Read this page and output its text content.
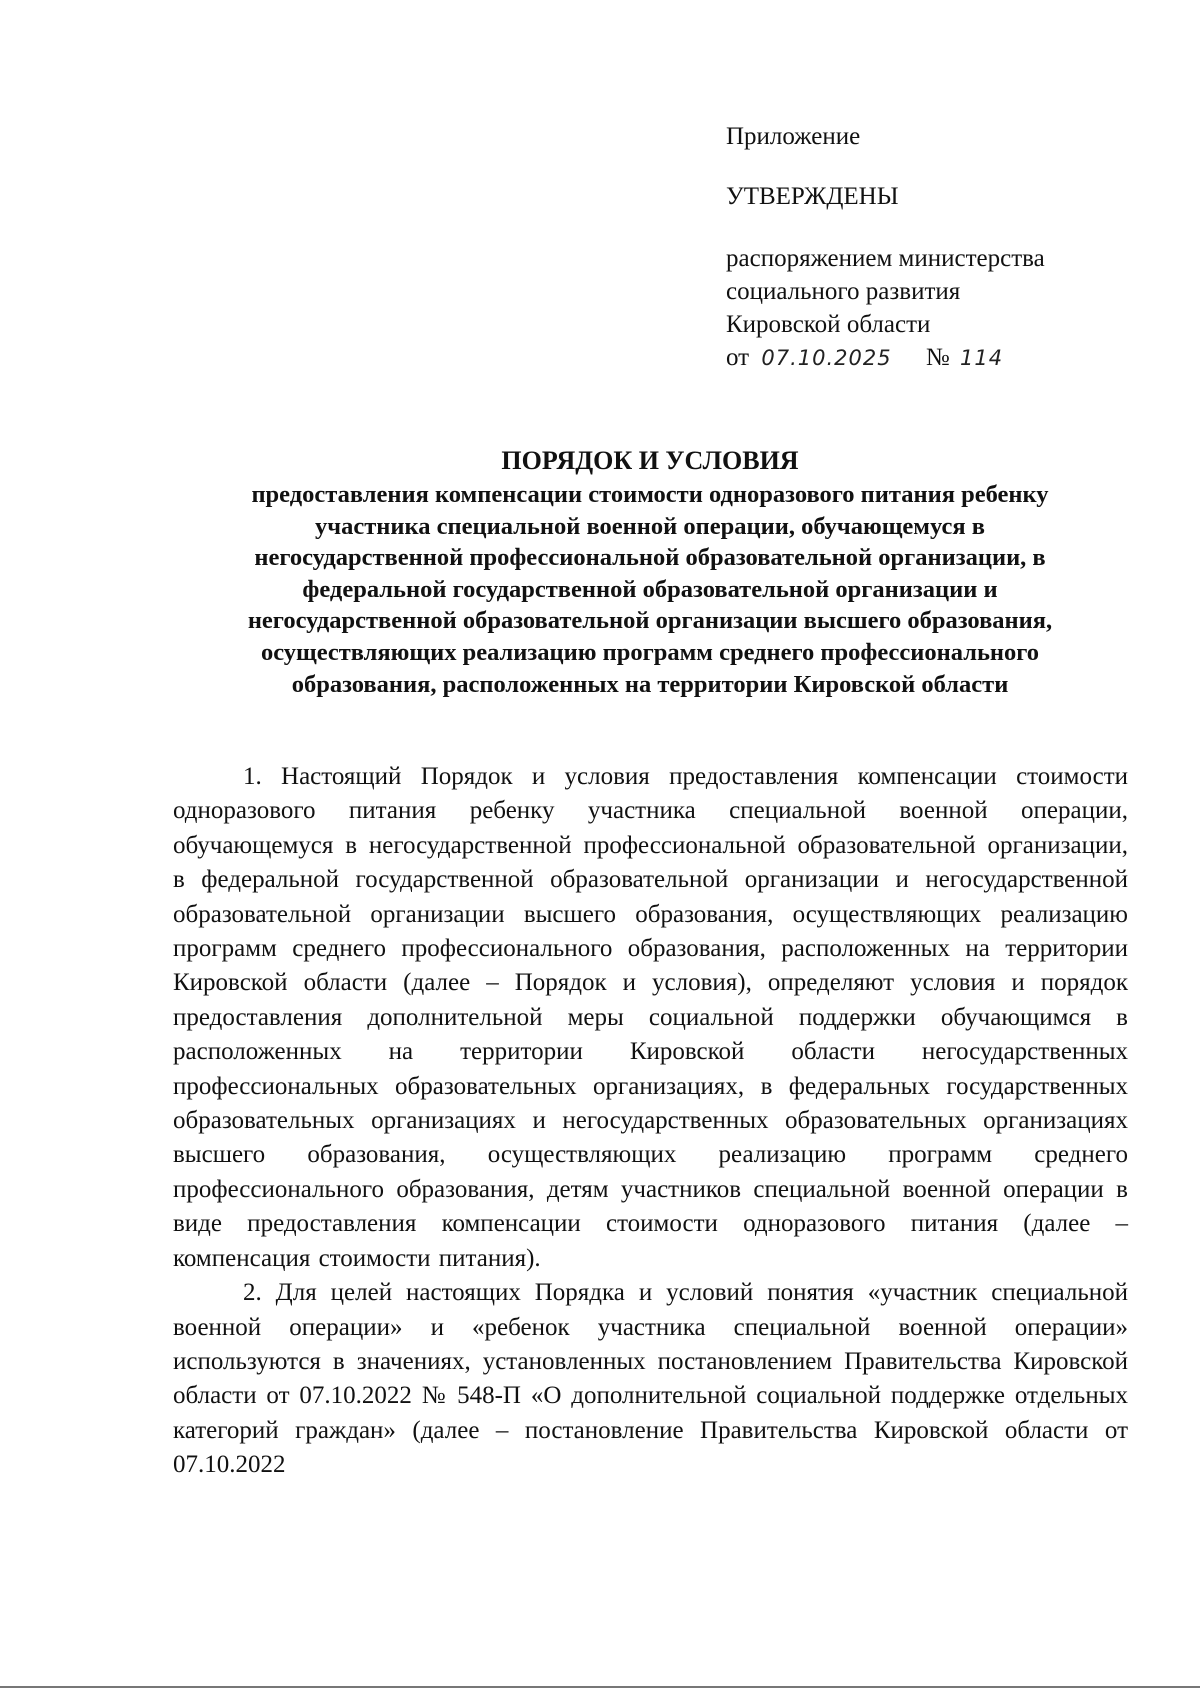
Приложение
УТВЕРЖДЕНЫ
распоряжением министерства
социального развития
Кировской области
от 07.10.2025 № 114
ПОРЯДОК И УСЛОВИЯ
предоставления компенсации стоимости одноразового питания ребенку
участника специальной военной операции, обучающемуся в
негосударственной профессиональной образовательной организации, в
федеральной государственной образовательной организации и
негосударственной образовательной организации высшего образования,
осуществляющих реализацию программ среднего профессионального
образования, расположенных на территории Кировской области

1. Настоящий Порядок и условия предоставления компенсации стоимости одноразового питания ребенку участника специальной военной операции, обучающемуся в негосударственной профессиональной образовательной организации, в федеральной государственной образовательной организации и негосударственной образовательной организации высшего образования, осуществляющих реализацию программ среднего профессионального образования, расположенных на территории Кировской области (далее – Порядок и условия), определяют условия и порядок предоставления дополнительной меры социальной поддержки обучающимся в расположенных на территории Кировской области негосударственных профессиональных образовательных организациях, в федеральных государственных образовательных организациях и негосударственных образовательных организациях высшего образования, осуществляющих реализацию программ среднего профессионального образования, детям участников специальной военной операции в виде предоставления компенсации стоимости одноразового питания (далее – компенсация стоимости питания).

2. Для целей настоящих Порядка и условий понятия «участник специальной военной операции» и «ребенок участника специальной военной операции» используются в значениях, установленных постановлением Правительства Кировской области от 07.10.2022 № 548-П «О дополнительной социальной поддержке отдельных категорий граждан» (далее – постановление Правительства Кировской области от 07.10.2022
